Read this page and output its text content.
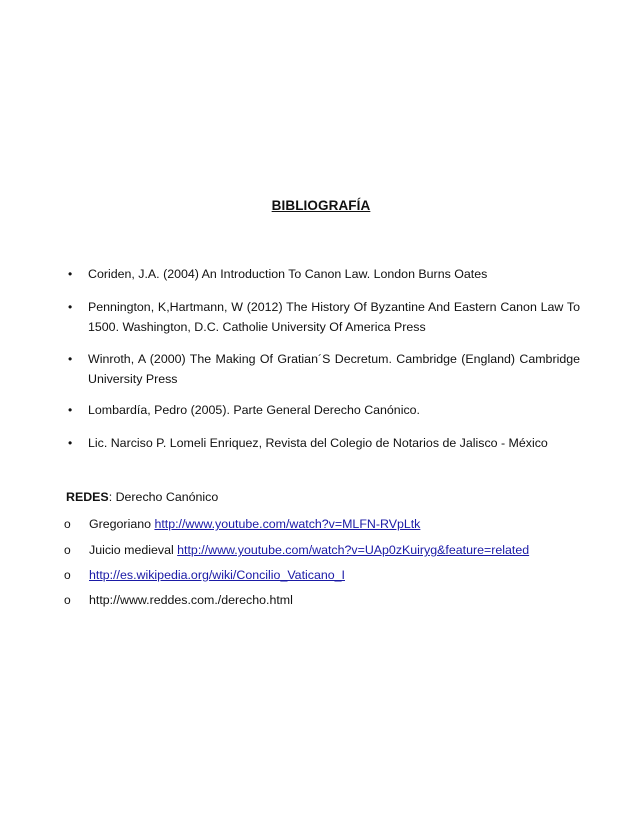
BIBLIOGRAFÍA
• Coriden, J.A. (2004) An Introduction To Canon Law. London Burns Oates
• Pennington, K,Hartmann, W (2012) The History Of Byzantine And Eastern Canon Law To 1500. Washington, D.C. Catholie University Of America Press
• Winroth, A (2000) The Making Of Gratian´S Decretum. Cambridge (England) Cambridge University Press
• Lombardía, Pedro (2005). Parte General Derecho Canónico.
• Lic. Narciso P. Lomeli Enriquez, Revista del Colegio de Notarios de Jalisco - México
REDES: Derecho Canónico
o Gregoriano http://www.youtube.com/watch?v=MLFN-RVpLtk
o Juicio medieval http://www.youtube.com/watch?v=UAp0zKuiryg&feature=related
o http://es.wikipedia.org/wiki/Concilio_Vaticano_I
o http://www.reddes.com./derecho.html
